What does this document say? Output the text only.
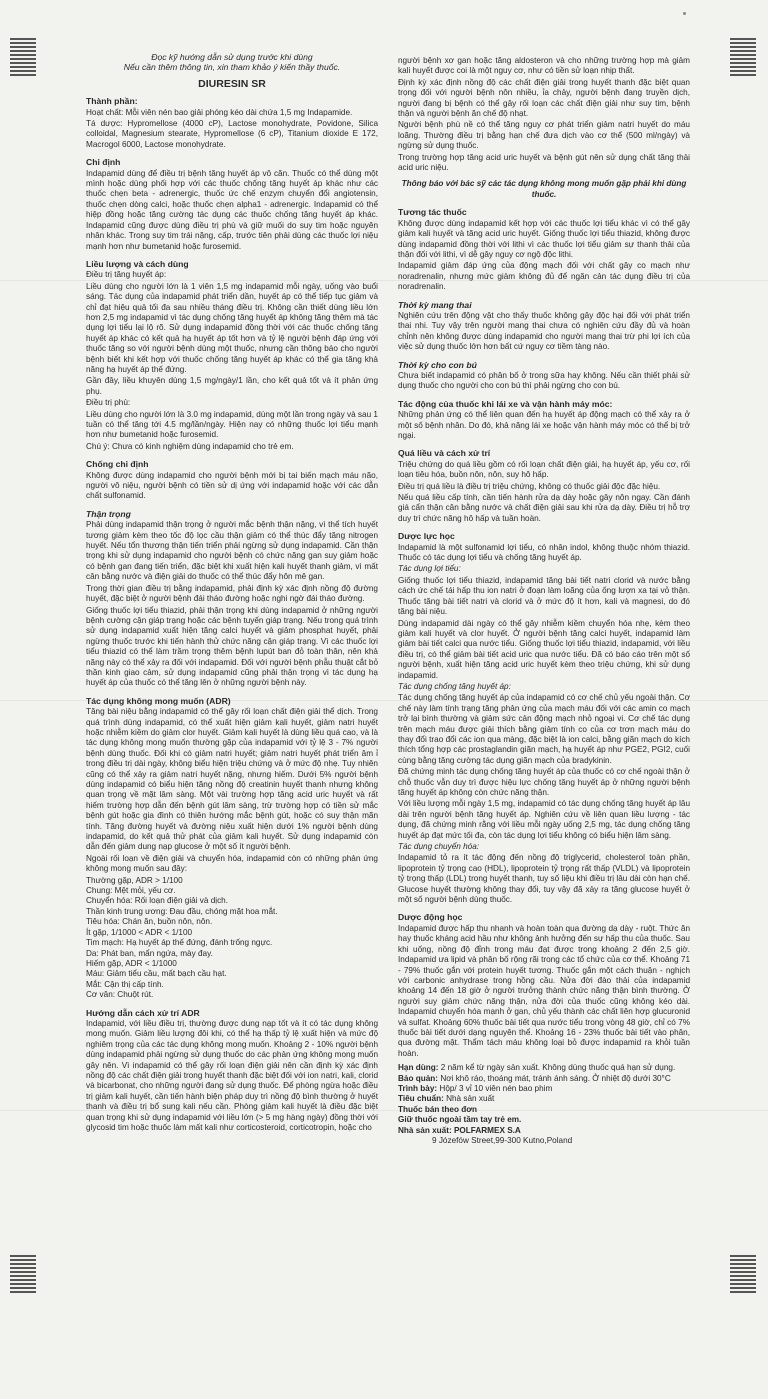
Đọc kỹ hướng dẫn sử dụng trước khi dùng

Nếu cần thêm thông tin, xin tham khảo ý kiến thầy thuốc.

DIURESIN SR
Thành phần:

Hoạt chất: Mỗi viên nén bao giải phóng kéo dài chứa 1,5 mg Indapamide.

Tá dược: Hypromellose (4000 cP), Lactose monohydrate, Povidone, Silica colloidal, Magnesium stearate, Hypromellose (6 cP), Titanium dioxide E 172, Macrogol 6000, Lactose monohydrate.

Chỉ định

Indapamid dùng để điều trị bệnh tăng huyết áp vô căn. Thuốc có thể dùng một mình hoặc dùng phối hợp với các thuốc chống tăng huyết áp khác như các thuốc chẹn beta - adrenergic, thuốc ức chế enzym chuyển đổi angiotensin, thuốc chẹn dòng calci, hoặc thuốc chẹn alpha1 - adrenergic. Indapamid có thể hiệp đồng hoặc tăng cường tác dụng các thuốc chống tăng huyết áp khác. Indapamid cũng được dùng điều trị phù và giữ muối do suy tim hoặc nguyên nhân khác. Trong suy tim trái nặng, cấp, trước tiên phải dùng các thuốc lợi niệu mạnh hơn như bumetanid hoặc furosemid.

Liều lượng và cách dùng

Điều trị tăng huyết áp:

Liều dùng cho người lớn là 1 viên 1,5 mg indapamid mỗi ngày, uống vào buổi sáng. Tác dụng của indapamid phát triển dần, huyết áp có thể tiếp tục giảm và chỉ đạt hiệu quả tối đa sau nhiều tháng điều trị. Không cần thiết dùng liều lớn hơn 2,5 mg indapamid vì tác dụng chống tăng huyết áp không tăng thêm mà tác dụng lợi tiểu lại lộ rõ. Sử dụng indapamid đồng thời với các thuốc chống tăng huyết áp khác có kết quả hạ huyết áp tốt hơn và tỷ lệ người bệnh đáp ứng với thuốc tăng so với người bệnh dùng một thuốc, nhưng cần thông báo cho người bệnh biết khi kết hợp với thuốc chống tăng huyết áp khác có thể gia tăng khả năng hạ huyết áp thế đứng.

Gần đây, liều khuyên dùng 1,5 mg/ngày/1 lần, cho kết quả tốt và ít phản ứng phụ.

Điều trị phù:

Liều dùng cho người lớn là 3.0 mg indapamid, dùng một lần trong ngày và sau 1 tuần có thể tăng tới 4.5 mg/lần/ngày. Hiện nay có những thuốc lợi tiểu mạnh hơn như bumetanid hoặc furosemid.

Chú ý: Chưa có kinh nghiệm dùng indapamid cho trẻ em.

Chống chỉ định

Không được dùng indapamid cho người bệnh mới bị tai biến mạch máu não, người vô niệu, người bệnh có tiền sử dị ứng với indapamid hoặc với các dẫn chất sulfonamid.

Thận trọng

Phải dùng indapamid thận trọng ở người mắc bệnh thận nặng, vì thể tích huyết tương giảm kèm theo tốc độ lọc cầu thận giảm có thể thúc đẩy tăng nitrogen huyết. Nếu tổn thương thận tiến triển phải ngừng sử dụng indapamid. Cần thận trọng khi sử dụng indapamid cho người bệnh có chức năng gan suy giảm hoặc có bệnh gan đang tiến triển, đặc biệt khi xuất hiện kali huyết thanh giảm, vì mất cân bằng nước và điện giải do thuốc có thể thúc đẩy hôn mê gan.

Trong thời gian điều trị bằng indapamid, phải định kỳ xác định nồng độ đường huyết, đặc biệt ở người bệnh đái tháo đường hoặc nghi ngờ đái tháo đường.

Giống thuốc lợi tiểu thiazid, phải thận trọng khi dùng indapamid ở những người bệnh cường cận giáp trạng hoặc các bệnh tuyến giáp trạng. Nếu trong quá trình sử dụng indapamid xuất hiện tăng calci huyết và giảm phosphat huyết, phải ngừng thuốc trước khi tiến hành thử chức năng cận giáp trạng. Vì các thuốc lợi tiểu thiazid có thể làm trầm trọng thêm bệnh lupút ban đỏ toàn thân, nên khả năng này có thể xảy ra đối với indapamid. Đối với người bệnh phẫu thuật cắt bỏ thần kinh giao cảm, sử dụng indapamid cũng phải thận trọng vì tác dụng hạ huyết áp của thuốc có thể tăng lên ở những người bệnh này.

Tác dụng không mong muốn (ADR)

Tăng bài niệu bằng indapamid có thể gây rối loạn chất điện giải thể dịch. Trong quá trình dùng indapamid, có thể xuất hiện giảm kali huyết, giảm natri huyết hoặc nhiễm kiềm do giảm clor huyết. Giảm kali huyết là dùng liều quá cao, và là tác dụng không mong muốn thường gặp của indapamid với tỷ lệ 3 - 7% người bệnh dùng thuốc. Đối khi có giảm natri huyết; giảm natri huyết phát triển âm ỉ trong điều trị dài ngày, không biểu hiện triệu chứng và ở mức độ nhẹ. Tuy nhiên cũng có thể xảy ra giảm natri huyết nặng, nhưng hiếm. Dưới 5% người bệnh dùng indapamid có biểu hiện tăng nồng độ creatinin huyết thanh nhưng không quan trọng về mặt lâm sàng. Một vài trường hợp tăng acid uric huyết và rất hiếm trường hợp dẫn đến bệnh gút lâm sàng, trừ trường hợp có tiền sử mắc bệnh gút hoặc gia đình có thiên hướng mắc bệnh gút, hoặc có suy thận mãn tính. Tăng đường huyết và đường niệu xuất hiện dưới 1% người bệnh dùng indapamid, do kết quả thử phát của giảm kali huyết. Sử dụng indapamid còn dẫn đến giảm dung nạp glucose ở một số ít người bệnh.

Ngoài rối loạn về điện giải và chuyển hóa, indapamid còn có những phản ứng không mong muốn sau đây:

Thường gặp, ADR > 1/100

Chung: Mệt mỏi, yếu cơ.

Chuyển hóa: Rối loạn điện giải và dịch.

Thần kinh trung ương: Đau đầu, chóng mặt hoa mắt.

Tiêu hóa: Chán ăn, buồn nôn, nôn.

Ít gặp, 1/1000 < ADR < 1/100

Tim mạch: Hạ huyết áp thế đứng, đánh trống ngực.

Da: Phát ban, mẩn ngứa, mày đay.

Hiếm gặp, ADR < 1/1000

Máu: Giảm tiểu cầu, mất bạch cầu hạt.

Mắt: Cận thị cấp tính.

Cơ vân: Chuột rút.

Hướng dẫn cách xử trí ADR

Indapamid, với liều điều trị, thường được dung nạp tốt và ít có tác dụng không mong muốn. Giảm liều lượng đôi khi, có thể hạ thấp tỷ lệ xuất hiện và mức độ nghiêm trọng của các tác dụng không mong muốn. Khoảng 2 - 10% người bệnh dùng indapamid phải ngừng sử dụng thuốc do các phản ứng không mong muốn gây nên. Vì indapamid có thể gây rối loạn điện giải nên cần định kỳ xác định nồng độ các chất điện giải trong huyết thanh đặc biệt đối với ion natri, kali, clorid và bicarbonat, cho những người đang sử dụng thuốc. Để phòng ngừa hoặc điều trị giảm kali huyết, cần tiến hành biện pháp duy trì nồng độ bình thường ở huyết thanh và điều trị bổ sung kali nếu cần. Phòng giảm kali huyết là điều đặc biệt quan trọng khi sử dụng indapamid với liều lớn (> 5 mg hàng ngày) đồng thời với glycosid tim hoặc thuốc làm mất kali như corticosteroid, corticotropin, hoặc cho

người bệnh xơ gan hoặc tăng aldosteron và cho những trường hợp mà giảm kali huyết được coi là một nguy cơ, như có tiền sử loạn nhịp thất.

Định kỳ xác định nồng độ các chất điện giải trong huyết thanh đặc biệt quan trọng đối với người bệnh nôn nhiều, ỉa chảy, người bệnh đang truyền dịch, người đang bị bệnh có thể gây rối loạn các chất điện giải như suy tim, bệnh thận và người bệnh ăn chế độ nhạt.

Người bệnh phù nề có thể tăng nguy cơ phát triển giảm natri huyết do máu loãng. Thường điều trị bằng hạn chế đưa dịch vào cơ thể (500 ml/ngày) và ngừng sử dụng thuốc.

Trong trường hợp tăng acid uric huyết và bệnh gút nên sử dụng chất tăng thải acid uric niệu.

Thông báo với bác sỹ các tác dụng không mong muốn gặp phải khi dùng thuốc.

Tương tác thuốc

Không được dùng indapamid kết hợp với các thuốc lợi tiểu khác vì có thể gây giảm kali huyết và tăng acid uric huyết. Giống thuốc lợi tiểu thiazid, không được dùng indapamid đồng thời với lithi vì các thuốc lợi tiểu giảm sự thanh thải của thận đối với lithi, vì dễ gây nguy cơ ngộ độc lithi.

Indapamid giảm đáp ứng của động mạch đối với chất gây co mạch như noradrenalin, nhưng mức giảm không đủ để ngăn cản tác dụng điều trị của noradrenalin.

Thời kỳ mang thai

Nghiên cứu trên động vật cho thấy thuốc không gây độc hại đối với phát triển thai nhi. Tuy vậy trên người mang thai chưa có nghiên cứu đầy đủ và hoàn chỉnh nên không được dùng indapamid cho người mang thai trừ phi lợi ích của việc sử dụng thuốc lớn hơn bất cứ nguy cơ tiềm tàng nào.

Thời kỳ cho con bú

Chưa biết indapamid có phân bố ở trong sữa hay không. Nếu cần thiết phải sử dụng thuốc cho người cho con bú thì phải ngừng cho con bú.

Tác động của thuốc khi lái xe và vận hành máy móc:

Những phản ứng có thể liên quan đến hạ huyết áp động mạch có thể xảy ra ở một số bệnh nhân. Do đó, khả năng lái xe hoặc vận hành máy móc có thể bị trở ngại.

Quá liều và cách xử trí

Triệu chứng do quá liều gồm có rối loạn chất điện giải, hạ huyết áp, yếu cơ, rối loạn tiêu hóa, buồn nôn, nôn, suy hô hấp.

Điều trị quá liều là điều trị triệu chứng, không có thuốc giải độc đặc hiệu.

Nếu quá liều cấp tính, cần tiến hành rửa dạ dày hoặc gây nôn ngay. Cần đánh giá cẩn thận cân bằng nước và chất điện giải sau khi rửa dạ dày. Điều trị hỗ trợ duy trì chức năng hô hấp và tuần hoàn.

Dược lực học

Indapamid là một sulfonamid lợi tiểu, có nhân indol, không thuộc nhóm thiazid. Thuốc có tác dụng lợi tiểu và chống tăng huyết áp.

Tác dụng lợi tiểu:

Giống thuốc lợi tiểu thiazid, indapamid tăng bài tiết natri clorid và nước bằng cách ức chế tái hấp thu ion natri ở đoạn làm loãng của ống lượn xa tại vỏ thận. Thuốc tăng bài tiết natri và clorid và ở mức độ ít hơn, kali và magnesi, do đó tăng bài niệu.

Dùng indapamid dài ngày có thể gây nhiễm kiềm chuyển hóa nhẹ, kèm theo giảm kali huyết và clor huyết. Ở người bệnh tăng calci huyết, indapamid làm giảm bài tiết calci qua nước tiểu. Giống thuốc lợi tiểu thiazid, indapamid, với liều điều trị, có thể giảm bài tiết acid uric qua nước tiểu. Đã có báo cáo trên một số người bệnh, xuất hiện tăng acid uric huyết kèm theo triệu chứng, khi sử dụng indapamid.

Tác dụng chống tăng huyết áp:

Tác dụng chống tăng huyết áp của indapamid có cơ chế chủ yếu ngoài thận. Cơ chế này làm tính trạng tăng phản ứng của mạch máu đối với các amin co mạch trở lại bình thường và giảm sức cản động mạch nhỏ ngoại vi. Cơ chế tác dụng trên mạch máu được giải thích bằng giảm tính co của cơ trơn mạch máu do thay đổi trao đổi các ion qua màng, đặc biệt là ion calci, bằng giãn mạch do kích thích tổng hợp các prostaglandin giãn mạch, hạ huyết áp như PGE2, PGI2, cuối cùng bằng tăng cường tác dụng giãn mạch của bradykinin.

Đã chứng minh tác dụng chống tăng huyết áp của thuốc có cơ chế ngoài thận ở chỗ thuốc vẫn duy trì được hiệu lực chống tăng huyết áp ở những người bệnh tăng huyết áp không còn chức năng thận.

Với liều lượng mỗi ngày 1,5 mg, indapamid có tác dụng chống tăng huyết áp lâu dài trên người bệnh tăng huyết áp. Nghiên cứu về liên quan liều lượng - tác dụng, đã chứng minh rằng với liều mỗi ngày uống 2,5 mg, tác dụng chống tăng huyết áp đạt mức tối đa, còn tác dụng lợi tiểu không có biểu hiện lâm sàng.

Tác dụng chuyển hóa:

Indapamid tỏ ra ít tác động đến nồng độ triglycerid, cholesterol toàn phần, lipoprotein tỷ trọng cao (HDL), lipoprotein tỷ trọng rất thấp (VLDL) và lipoprotein tỷ trọng thấp (LDL) trong huyết thanh, tuy số liệu khi điều trị lâu dài còn hạn chế. Glucose huyết thường không thay đổi, tuy vậy đã xảy ra tăng glucose huyết ở một số người bệnh dùng thuốc.

Dược động học

Indapamid được hấp thu nhanh và hoàn toàn qua đường dạ dày - ruột. Thức ăn hay thuốc kháng acid hầu như không ảnh hưởng đến sự hấp thu của thuốc. Sau khi uống, nồng độ đỉnh trong máu đạt được trong khoảng 2 đến 2,5 giờ. Indapamid ưa lipid và phân bố rộng rãi trong các tổ chức của cơ thể. Khoảng 71 - 79% thuốc gắn với protein huyết tương. Thuốc gắn một cách thuận - nghịch với carbonic anhydrase trong hồng cầu. Nửa đời đào thải của indapamid khoảng 14 đến 18 giờ ở người trưởng thành chức năng thận bình thường. Ở người suy giảm chức năng thận, nửa đời của thuốc cũng không kéo dài. Indapamid chuyển hóa mạnh ở gan, chủ yếu thành các chất liên hợp glucuronid và sulfat. Khoảng 60% thuốc bài tiết qua nước tiểu trong vòng 48 giờ, chỉ có 7% thuốc bài tiết dưới dạng nguyên thể. Khoảng 16 - 23% thuốc bài tiết vào phân, qua đường mật. Thẩm tách máu không loại bỏ được indapamid ra khỏi tuần hoàn.

Hạn dùng: 2 năm kể từ ngày sản xuất. Không dùng thuốc quá hạn sử dụng.
Bảo quản: Nơi khô ráo, thoáng mát, tránh ánh sáng. Ở nhiệt độ dưới 30°C
Trình bày: Hộp/ 3 vỉ 10 viên nén bao phim
Tiêu chuẩn: Nhà sản xuất
Thuốc bán theo đơn
Giữ thuốc ngoài tầm tay trẻ em.
Nhà sản xuất: POLFARMEX S.A
9 Józefów Street,99-300 Kutno,Poland
